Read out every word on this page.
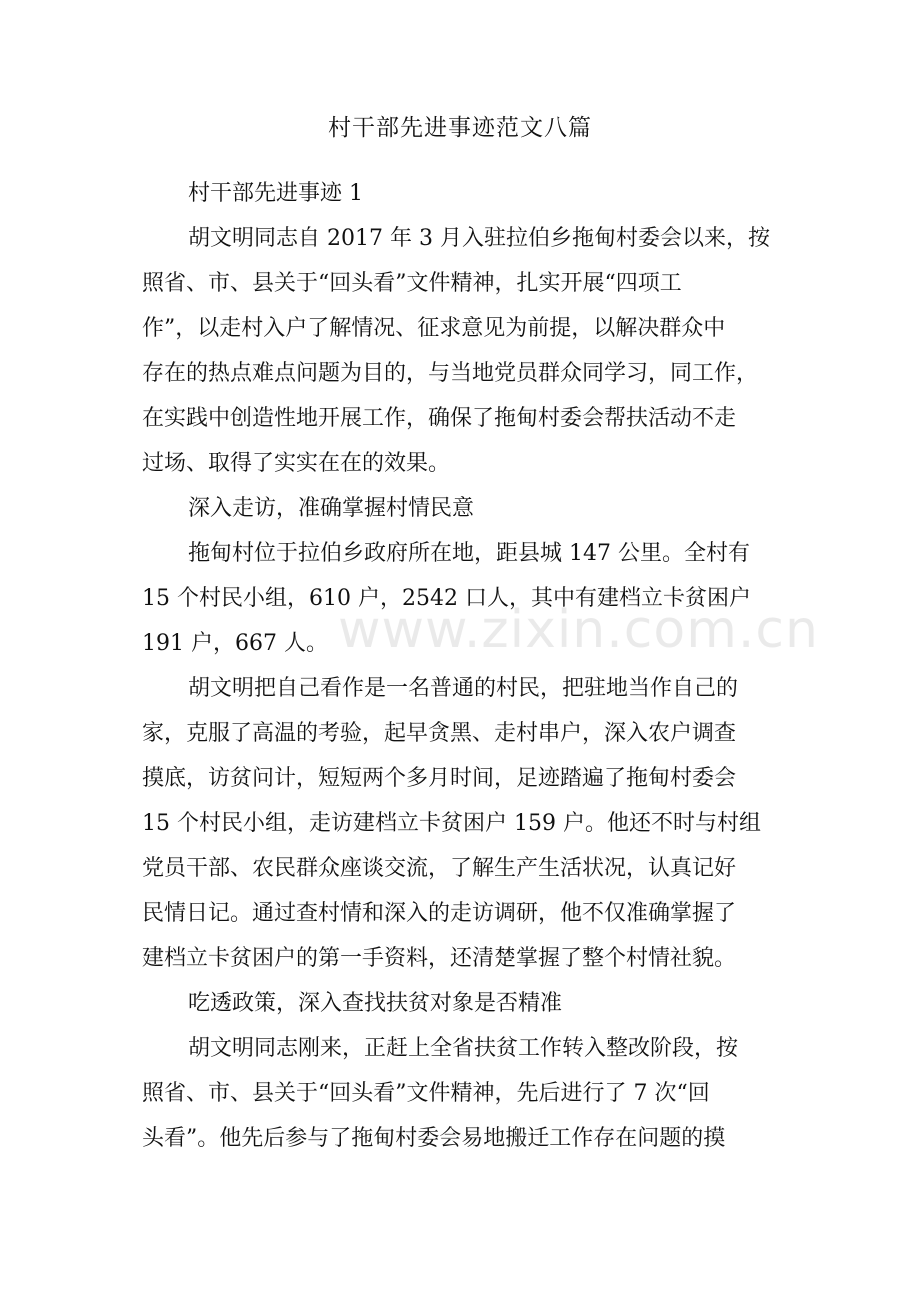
村干部先进事迹范文八篇
村干部先进事迹 1
胡文明同志自 2017 年 3 月入驻拉伯乡拖甸村委会以来，按
照省、市、县关于“回头看”文件精神，扎实开展“四项工
作”，以走村入户了解情况、征求意见为前提，以解决群众中
存在的热点难点问题为目的，与当地党员群众同学习，同工作，
在实践中创造性地开展工作，确保了拖甸村委会帮扶活动不走
过场、取得了实实在在的效果。
深入走访，准确掌握村情民意
拖甸村位于拉伯乡政府所在地，距县城 147 公里。全村有
15 个村民小组，610 户，2542 口人，其中有建档立卡贫困户
191 户，667 人。
胡文明把自己看作是一名普通的村民，把驻地当作自己的
家，克服了高温的考验，起早贪黑、走村串户，深入农户调查
摸底，访贫问计，短短两个多月时间，足迹踏遍了拖甸村委会
15 个村民小组，走访建档立卡贫困户 159 户。他还不时与村组
党员干部、农民群众座谈交流，了解生产生活状况，认真记好
民情日记。通过查村情和深入的走访调研，他不仅准确掌握了
建档立卡贫困户的第一手资料，还清楚掌握了整个村情社貌。
吃透政策，深入查找扶贫对象是否精准
胡文明同志刚来，正赶上全省扶贫工作转入整改阶段，按
照省、市、县关于“回头看”文件精神，先后进行了 7 次“回
头看”。他先后参与了拖甸村委会易地搬迁工作存在问题的摸
www.zixin.com.cn
